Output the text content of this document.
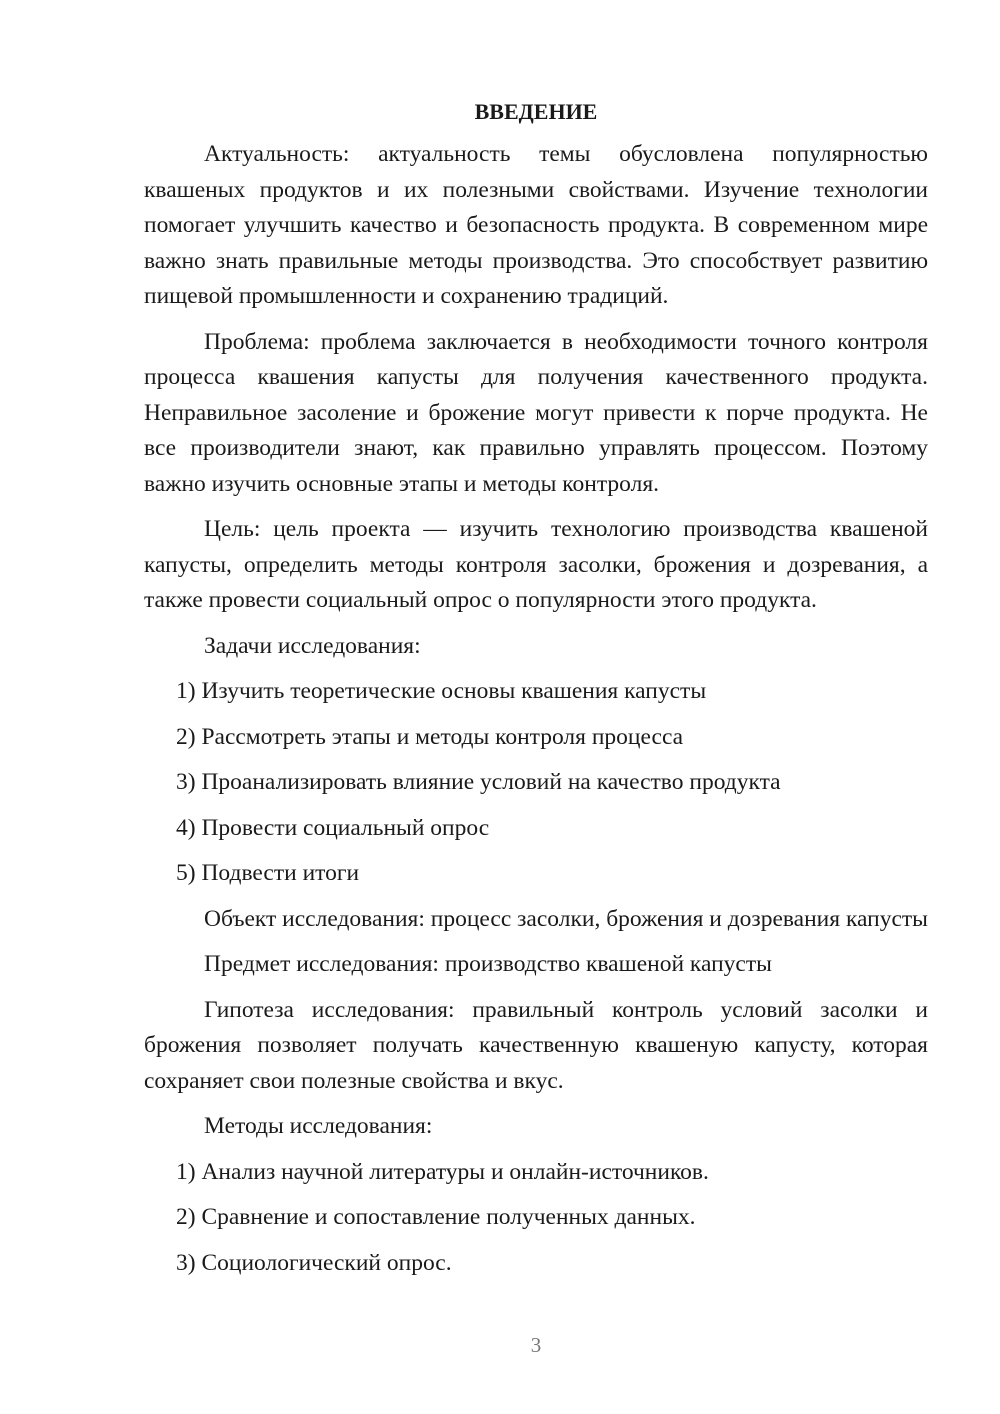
ВВЕДЕНИЕ

Актуальность: актуальность темы обусловлена популярностью квашеных продуктов и их полезными свойствами. Изучение технологии помогает улучшить качество и безопасность продукта. В современном мире важно знать правильные методы производства. Это способствует развитию пищевой промышленности и сохранению традиций.

Проблема: проблема заключается в необходимости точного контроля процесса квашения капусты для получения качественного продукта. Неправильное засоление и брожение могут привести к порче продукта. Не все производители знают, как правильно управлять процессом. Поэтому важно изучить основные этапы и методы контроля.

Цель: цель проекта — изучить технологию производства квашеной капусты, определить методы контроля засолки, брожения и дозревания, а также провести социальный опрос о популярности этого продукта.

Задачи исследования:

1) Изучить теоретические основы квашения капусты
2) Рассмотреть этапы и методы контроля процесса
3) Проанализировать влияние условий на качество продукта
4) Провести социальный опрос
5) Подвести итоги

Объект исследования: процесс засолки, брожения и дозревания капусты

Предмет исследования: производство квашеной капусты

Гипотеза исследования: правильный контроль условий засолки и брожения позволяет получать качественную квашеную капусту, которая сохраняет свои полезные свойства и вкус.

Методы исследования:

1) Анализ научной литературы и онлайн-источников.
2) Сравнение и сопоставление полученных данных.
3) Социологический опрос.
3
